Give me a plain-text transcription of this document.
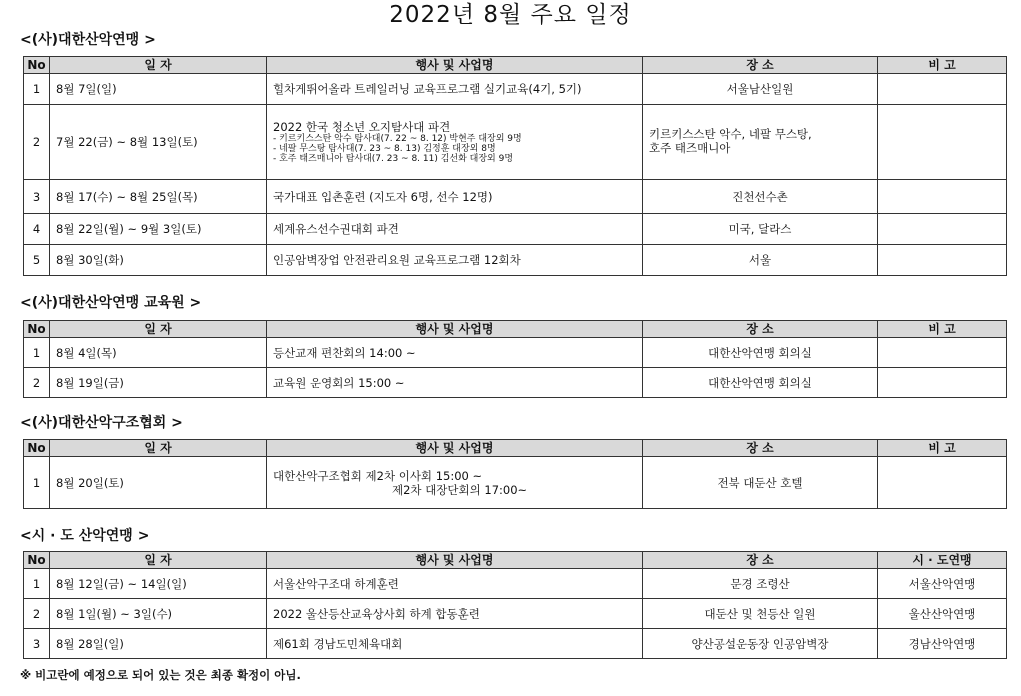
2022년 8월 주요 일정
<(사)대한산악연맹 >
No	일 자	행사 및 사업명	장 소	비 고
1	8월 7일(일)	힐차게뛰어올라 트레일러닝 교육프로그램 실기교육(4기, 5기)	서울남산일원	
2	7월 22(금) ~ 8월 13일(토)	2022 한국 청소년 오지탐사대 파견
- 키르키스스탄 악수 탐사대(7. 22 ~ 8. 12) 박현주 대장외 9명
- 네팔 무스탕 탐사대(7. 23 ~ 8. 13) 김정훈 대장외 8명
- 호주 태즈매니아 탐사대(7. 23 ~ 8. 11) 김선화 대장외 9명	키르키스스탄 악수, 네팔 무스탕,
호주 태즈매니아	

3	8월 17(수) ~ 8월 25일(목)	국가대표 입촌훈련 (지도자 6명, 선수 12명)	진천선수촌	
4	8월 22일(월) ~ 9월 3일(토)	세계유스선수권대회 파견	미국, 달라스	
5	8월 30일(화)	인공암벽장업 안전관리요원 교육프로그램 12회차	서울	
<(사)대한산악연맹 교육원 >
No	일 자	행사 및 사업명	장 소	비 고
1	8월 4일(목)	등산교재 편찬회의 14:00 ~	대한산악연맹 회의실	
2	8월 19일(금)	교육원 운영회의 15:00 ~	대한산악연맹 회의실	
<(사)대한산악구조협회 >
No	일 자	행사 및 사업명	장 소	비 고
1	8월 20일(토)	대한산악구조협회 제2차 이사회 15:00 ~
제2차 대장단회의 17:00~	전북 대둔산 호텔	
<시 · 도 산악연맹 >
No	일 자	행사 및 사업명	장 소	시 · 도연맹
1	8월 12일(금) ~ 14일(일)	서울산악구조대 하계훈련	문경 조령산	서울산악연맹
2	8월 1일(월) ~ 3일(수)	2022 울산등산교육상사회 하계 합동훈련	대둔산 및 천등산 일원	울산산악연맹
3	8월 28일(일)	제61회 경남도민체육대회	양산공설운동장 인공암벽장	경남산악연맹
※ 비고란에 예정으로 되어 있는 것은 최종 확정이 아님.
